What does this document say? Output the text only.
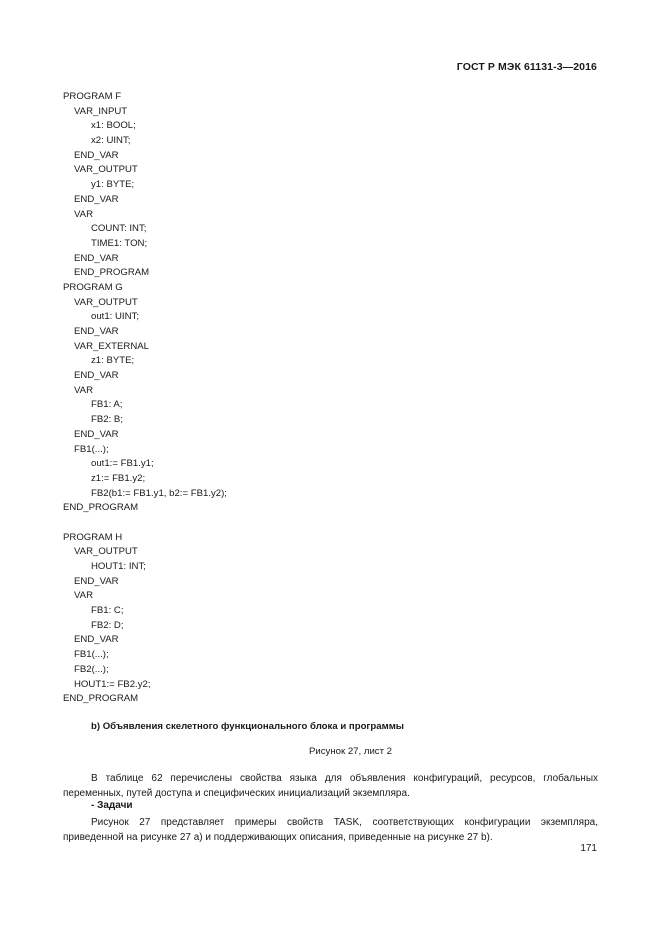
ГОСТ Р МЭК 61131-3—2016
PROGRAM F
VAR_INPUT
x1: BOOL;
x2: UINT;
END_VAR
VAR_OUTPUT
y1: BYTE;
END_VAR
VAR
COUNT: INT;
TIME1: TON;
END_VAR
END_PROGRAM
PROGRAM G
VAR_OUTPUT
out1: UINT;
END_VAR
VAR_EXTERNAL
z1: BYTE;
END_VAR
VAR
FB1: A;
FB2: B;
END_VAR
FB1(...);
out1:= FB1.y1;
z1:= FB1.y2;
FB2(b1:= FB1.y1, b2:= FB1.y2);
END_PROGRAM
PROGRAM H
VAR_OUTPUT
HOUT1: INT;
END_VAR
VAR
FB1: C;
FB2: D;
END_VAR
FB1(...);
FB2(...);
HOUT1:= FB2.y2;
END_PROGRAM
b) Объявления скелетного функционального блока и программы
Рисунок 27, лист 2
В таблице 62 перечислены свойства языка для объявления конфигураций, ресурсов, глобальных переменных, путей доступа и специфических инициализаций экземпляра.
- Задачи
Рисунок 27 представляет примеры свойств TASK, соответствующих конфигурации экземпляра, приведенной на рисунке 27 a) и поддерживающих описания, приведенные на рисунке 27 b).
171
